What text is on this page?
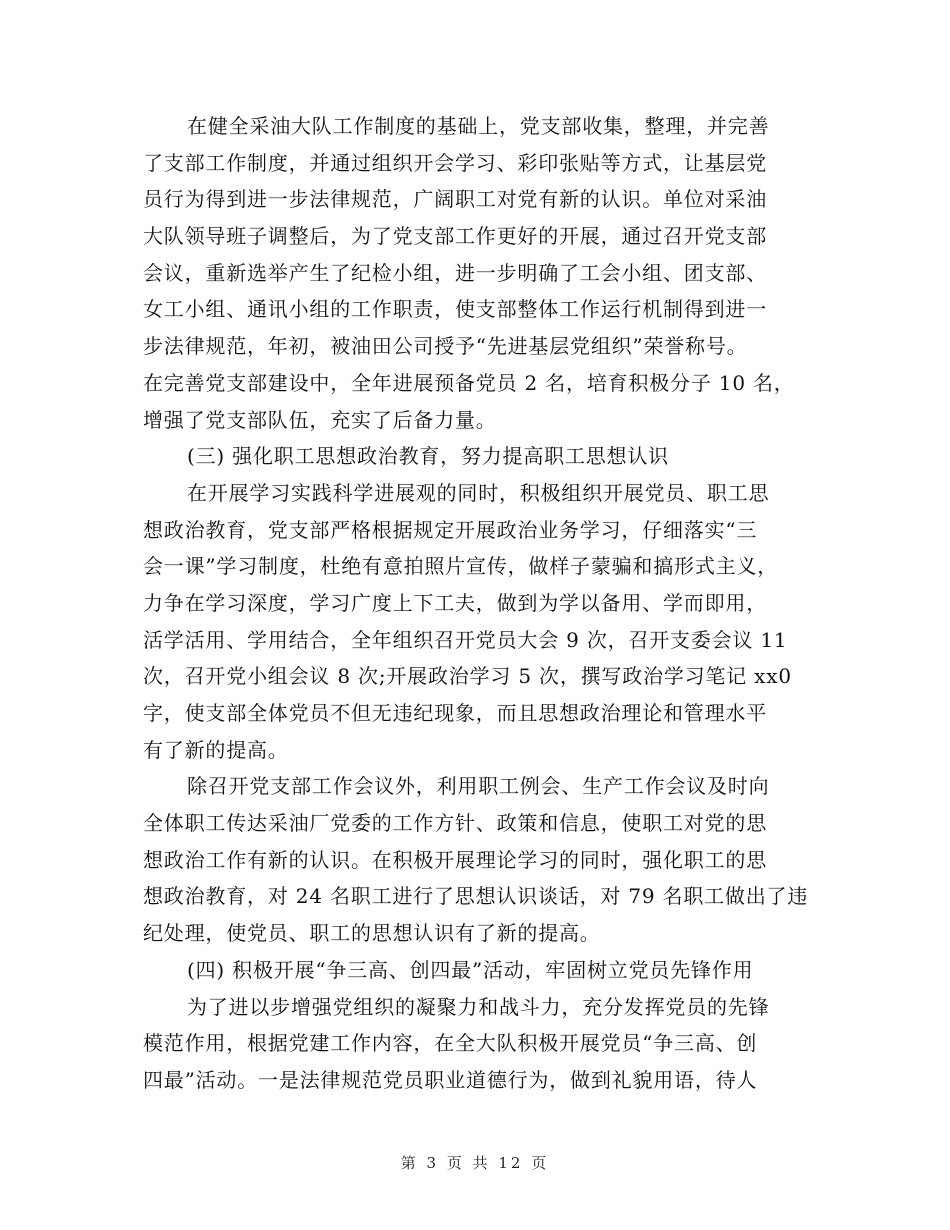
在健全采油大队工作制度的基础上，党支部收集，整理，并完善
了支部工作制度，并通过组织开会学习、彩印张贴等方式，让基层党
员行为得到进一步法律规范，广阔职工对党有新的认识。单位对采油
大队领导班子调整后，为了党支部工作更好的开展，通过召开党支部
会议，重新选举产生了纪检小组，进一步明确了工会小组、团支部、
女工小组、通讯小组的工作职责，使支部整体工作运行机制得到进一
步法律规范，年初，被油田公司授予“先进基层党组织”荣誉称号。
在完善党支部建设中，全年进展预备党员 2 名，培育积极分子 10 名，
增强了党支部队伍，充实了后备力量。
(三) 强化职工思想政治教育，努力提高职工思想认识
在开展学习实践科学进展观的同时，积极组织开展党员、职工思
想政治教育，党支部严格根据规定开展政治业务学习，仔细落实“三
会一课”学习制度，杜绝有意拍照片宣传，做样子蒙骗和搞形式主义，
力争在学习深度，学习广度上下工夫，做到为学以备用、学而即用，
活学活用、学用结合，全年组织召开党员大会 9 次，召开支委会议 11
次，召开党小组会议 8 次;开展政治学习 5 次，撰写政治学习笔记 xx0
字，使支部全体党员不但无违纪现象，而且思想政治理论和管理水平
有了新的提高。
除召开党支部工作会议外，利用职工例会、生产工作会议及时向
全体职工传达采油厂党委的工作方针、政策和信息，使职工对党的思
想政治工作有新的认识。在积极开展理论学习的同时，强化职工的思
想政治教育，对 24 名职工进行了思想认识谈话，对 79 名职工做出了违
纪处理，使党员、职工的思想认识有了新的提高。
(四) 积极开展“争三高、创四最”活动，牢固树立党员先锋作用
为了进以步增强党组织的凝聚力和战斗力，充分发挥党员的先锋
模范作用，根据党建工作内容，在全大队积极开展党员“争三高、创
四最”活动。一是法律规范党员职业道德行为，做到礼貌用语，待人
第 3 页 共 12 页
